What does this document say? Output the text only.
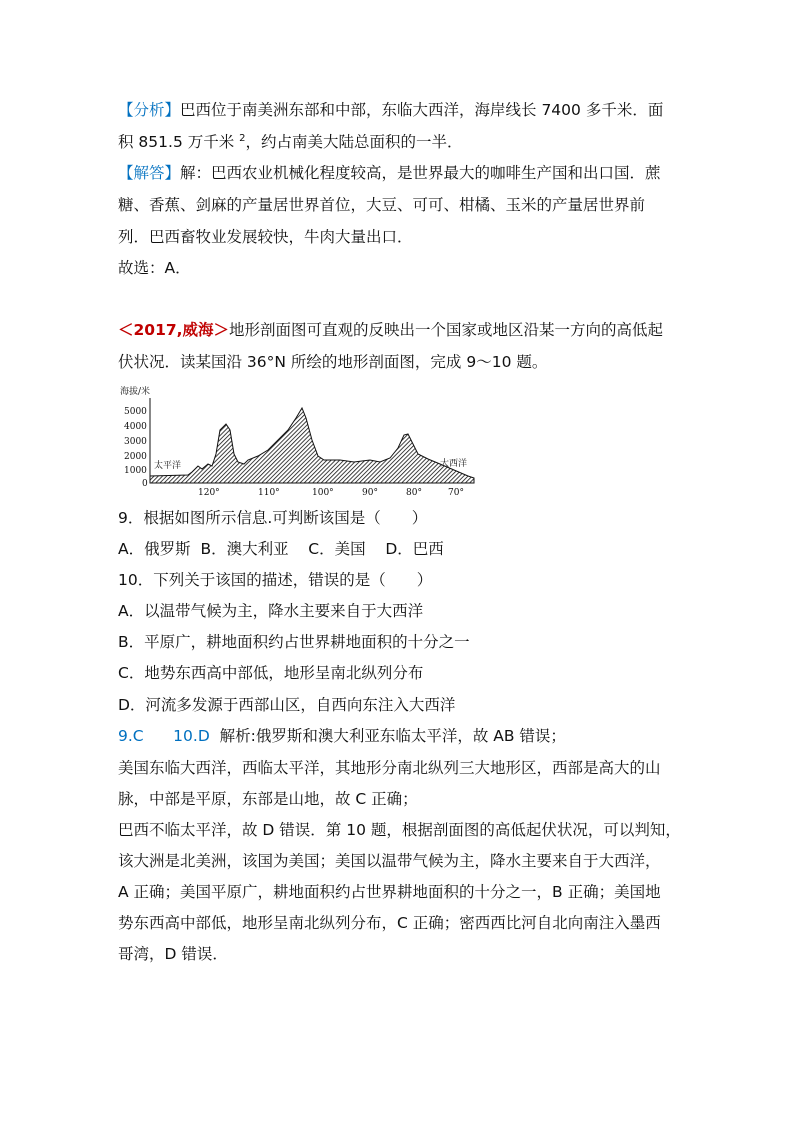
【分析】巴西位于南美洲东部和中部，东临大西洋，海岸线长 7400 多千米．面
积 851.5 万千米 $^2$，约占南美大陆总面积的一半．
【解答】解：巴西农业机械化程度较高，是世界最大的咖啡生产国和出口国．蔗
糖、香蕉、剑麻的产量居世界首位，大豆、可可、柑橘、玉米的产量居世界前
列．巴西畜牧业发展较快，牛肉大量出口．
故选：A．
＜2017,威海＞地形剖面图可直观的反映出一个国家或地区沿某一方向的高低起
伏状况．读某国沿 36°N 所绘的地形剖面图，完成 9～10 题。
海拔/米
5000
4000
3000
2000
1000
0
太平洋	大西洋
120°	110°	100°	90°	80°	70°
9．根据如图所示信息.可判断该国是（　　）
A．俄罗斯  B．澳大利亚    C．美国    D．巴西
10．下列关于该国的描述，错误的是（　　）
A．以温带气候为主，降水主要来自于大西洋
B．平原广，耕地面积约占世界耕地面积的十分之一
C．地势东西高中部低，地形呈南北纵列分布
D．河流多发源于西部山区，自西向东注入大西洋
9.C      10.D  解析:俄罗斯和澳大利亚东临太平洋，故 AB 错误；
美国东临大西洋，西临太平洋，其地形分南北纵列三大地形区，西部是高大的山
脉，中部是平原，东部是山地，故 C 正确；
巴西不临太平洋，故 D 错误．第 10 题，根据剖面图的高低起伏状况，可以判知，
该大洲是北美洲，该国为美国；美国以温带气候为主，降水主要来自于大西洋，
A 正确；美国平原广，耕地面积约占世界耕地面积的十分之一，B 正确；美国地
势东西高中部低，地形呈南北纵列分布，C 正确；密西西比河自北向南注入墨西
哥湾，D 错误．
